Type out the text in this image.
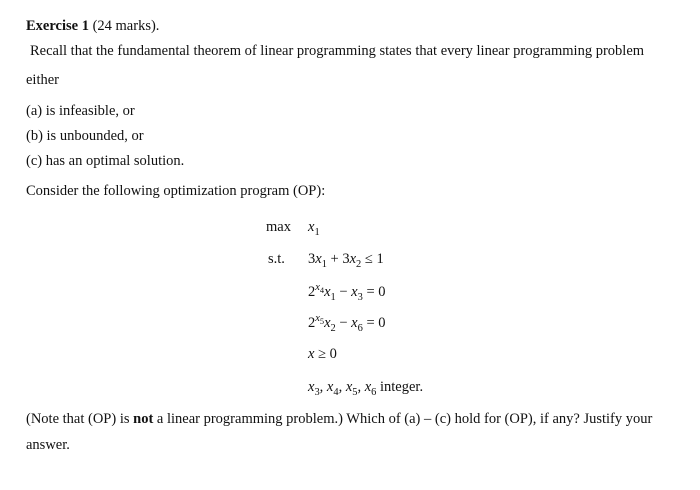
Exercise 1 (24 marks).
Recall that the fundamental theorem of linear programming states that every linear programming problem
either
(a) is infeasible, or
(b) is unbounded, or
(c) has an optimal solution.
Consider the following optimization program (OP):
$\max x_1$
s.t. $3x_1 + 3x_2 \le 1$
$2^{x_4}x_1 - x_3 = 0$
$2^{x_5}x_2 - x_6 = 0$
x ≥ 0
$x_3$, $x_4$, $x_5$, $x_6$ integer.
(Note that (OP) is not a linear programming problem.) Which of (a) – (c) hold for (OP), if any? Justify your
answer.
